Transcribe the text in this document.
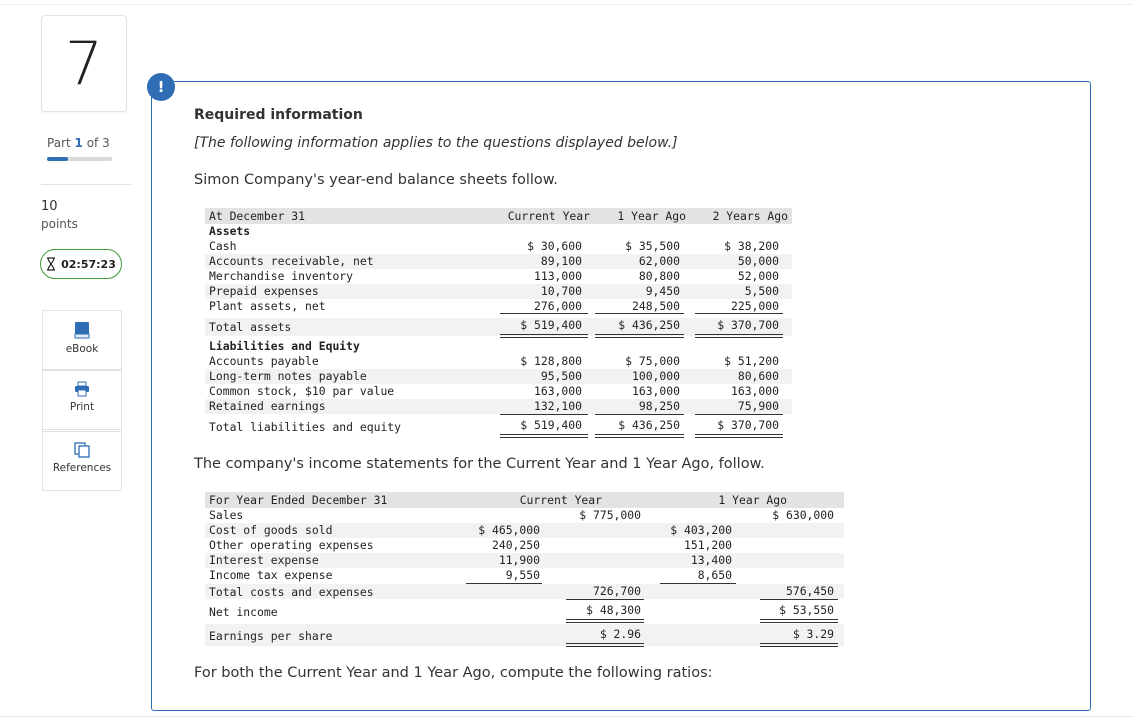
7
Part 1 of 3
10
points
02:57:23
eBook
Print
References
!
Required information
[The following information applies to the questions displayed below.]
Simon Company's year-end balance sheets follow.
At December 31	Current Year	1 Year Ago	2 Years Ago
Assets
Cash	$ 30,600	$ 35,500	$ 38,200
Accounts receivable, net	89,100	62,000	50,000
Merchandise inventory	113,000	80,800	52,000
Prepaid expenses	10,700	9,450	5,500
Plant assets, net	276,000	248,500	225,000
Total assets	$ 519,400	$ 436,250	$ 370,700
Liabilities and Equity
Accounts payable	$ 128,800	$ 75,000	$ 51,200
Long-term notes payable	95,500	100,000	80,600
Common stock, $10 par value	163,000	163,000	163,000
Retained earnings	132,100	98,250	75,900
Total liabilities and equity	$ 519,400	$ 436,250	$ 370,700
The company's income statements for the Current Year and 1 Year Ago, follow.
For Year Ended December 31	Current Year	1 Year Ago
Sales	$ 775,000	$ 630,000
Cost of goods sold	$ 465,000	$ 403,200
Other operating expenses	240,250	151,200
Interest expense	11,900	13,400
Income tax expense	9,550	8,650
Total costs and expenses	726,700	576,450
Net income	$ 48,300	$ 53,550
Earnings per share	$ 2.96	$ 3.29
For both the Current Year and 1 Year Ago, compute the following ratios:
